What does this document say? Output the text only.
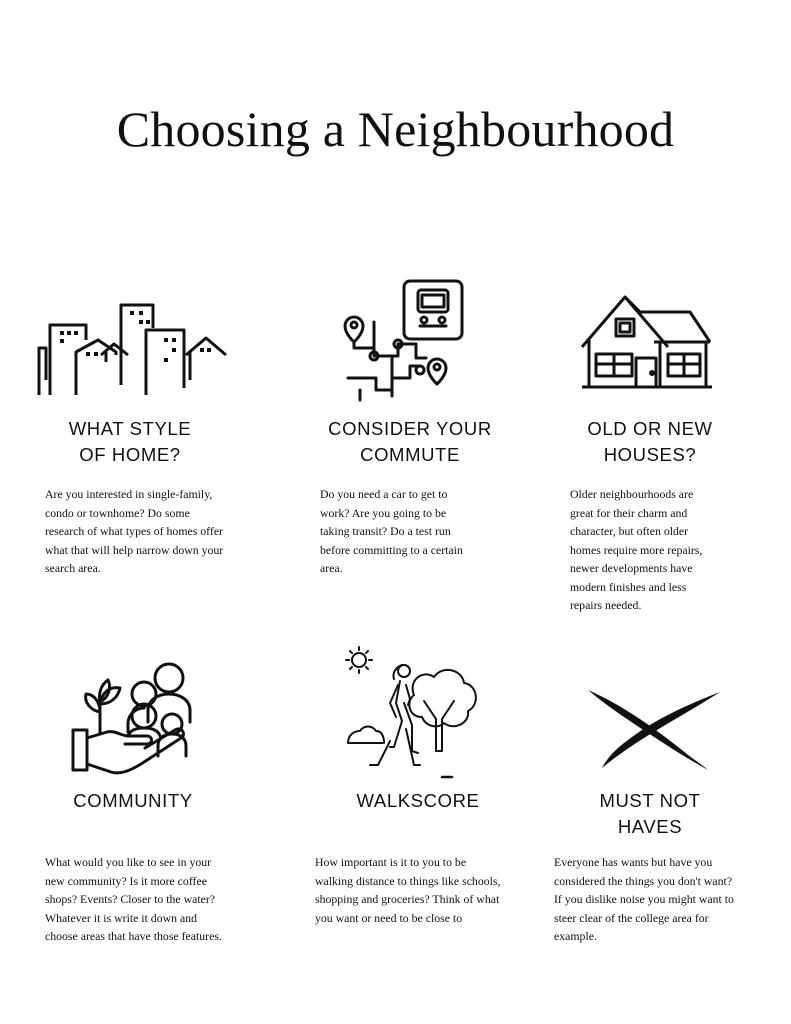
Choosing a Neighbourhood
WHAT STYLE
OF HOME?
Are you interested in single-family,
condo or townhome? Do some
research of what types of homes offer
what that will help narrow down your
search area.
CONSIDER YOUR
COMMUTE
Do you need a car to get to
work? Are you going to be
taking transit? Do a test run
before committing to a certain
area.
OLD OR NEW
HOUSES?
Older neighbourhoods are
great for their charm and
character, but often older
homes require more repairs,
newer developments have
modern finishes and less
repairs needed.
COMMUNITY
What would you like to see in your
new community? Is it more coffee
shops? Events? Closer to the water?
Whatever it is write it down and
choose areas that have those features.
WALKSCORE
How important is it to you to be
walking distance to things like schools,
shopping and groceries? Think of what
you want or need to be close to
MUST NOT
HAVES
Everyone has wants but have you
considered the things you don't want?
If you dislike noise you might want to
steer clear of the college area for
example.
